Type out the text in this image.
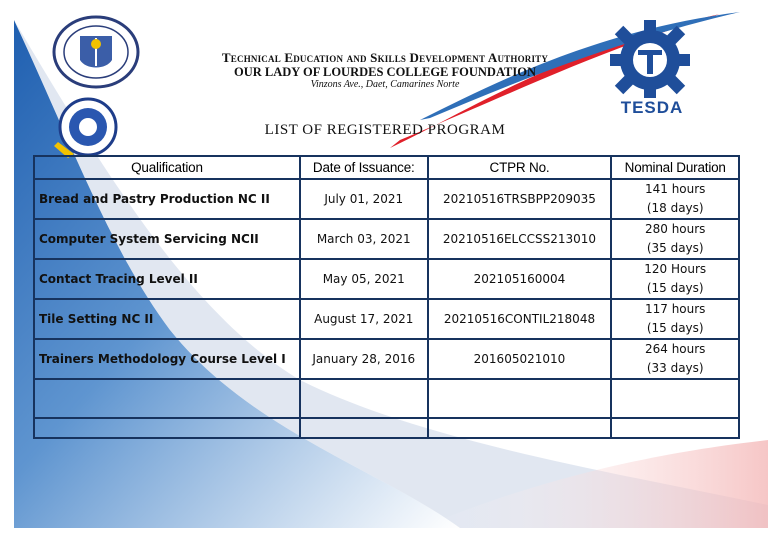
TESDA
Technical Education and Skills Development Authority
OUR LADY OF LOURDES COLLEGE FOUNDATION
Vinzons Ave., Daet, Camarines Norte
LIST OF REGISTERED PROGRAM
Qualification	Date of Issuance:	CTPR No.	Nominal Duration
Bread and Pastry Production NC II	July 01, 2021	20210516TRSBPP209035	141 hours
(18 days)
Computer System Servicing NCII	March 03, 2021	20210516ELCCSS213010	280 hours
(35 days)
Contact Tracing Level II	May 05, 2021	202105160004	120 Hours
(15 days)
Tile Setting NC II	August 17, 2021	20210516CONTIL218048	117 hours
(15 days)
Trainers Methodology Course Level I	January 28, 2016	201605021010	264 hours
(33 days)
